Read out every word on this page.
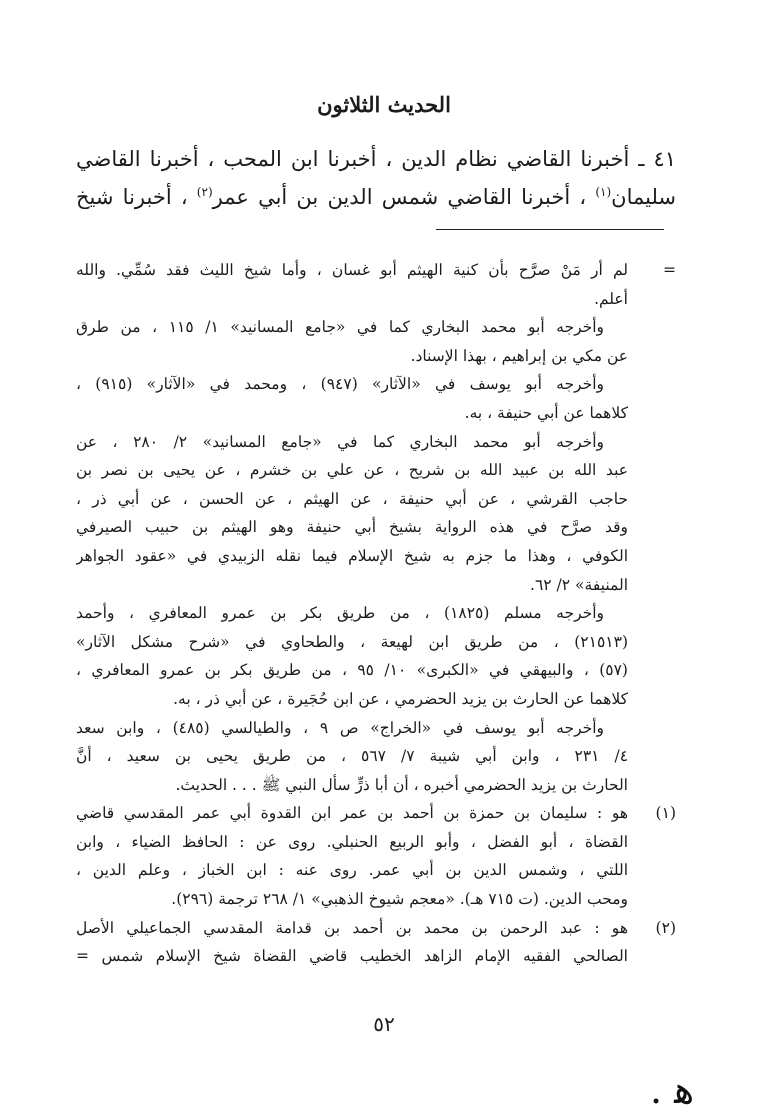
الحديث الثلاثون
٤١ ـ أخبرنا القاضي نظام الدين ، أخبرنا ابن المحب ، أخبرنا القاضي
سليمان$^{(١)}$ ، أخبرنا القاضي شمس الدين بن أبي عمر$^{(٢)}$ ، أخبرنا شيخ
=
لم أر مَنْ صرَّح بأن كنية الهيثم أبو غسان ، وأما شيخ الليث فقد سُمِّي. والله
أعلم.
وأخرجه أبو محمد البخاري كما في «جامع المسانيد» ١/ ١١٥ ، من طرق
عن مكي بن إبراهيم ، بهذا الإسناد.
وأخرجه أبو يوسف في «الآثار» (٩٤٧) ، ومحمد في «الآثار» (٩١٥) ،
كلاهما عن أبي حنيفة ، به.
وأخرجه أبو محمد البخاري كما في «جامع المسانيد» ٢/ ٢٨٠ ، عن
عبد الله بن عبيد الله بن شريح ، عن علي بن خشرم ، عن يحيى بن نصر بن
حاجب القرشي ، عن أبي حنيفة ، عن الهيثم ، عن الحسن ، عن أبي ذر ،
وقد صرَّح في هذه الرواية بشيخ أبي حنيفة وهو الهيثم بن حبيب الصيرفي
الكوفي ، وهذا ما جزم به شيخ الإسلام فيما نقله الزبيدي في «عقود الجواهر
المنيفة» ٢/ ٦٢.
وأخرجه مسلم (١٨٢٥) ، من طريق بكر بن عمرو المعافري ، وأحمد
(٢١٥١٣) ، من طريق ابن لهيعة ، والطحاوي في «شرح مشكل الآثار»
(٥٧) ، والبيهقي في «الكبرى» ١٠/ ٩٥ ، من طريق بكر بن عمرو المعافري ،
كلاهما عن الحارث بن يزيد الحضرمي ، عن ابن حُجَيرة ، عن أبي ذر ، به.
وأخرجه أبو يوسف في «الخراج» ص ٩ ، والطيالسي (٤٨٥) ، وابن سعد
٤/ ٢٣١ ، وابن أبي شيبة ٧/ ٥٦٧ ، من طريق يحيى بن سعيد ، أنَّ
الحارث بن يزيد الحضرمي أخبره ، أن أبا ذرٍّ سأل النبي ﷺ . . . الحديث.
(١)
هو : سليمان بن حمزة بن أحمد بن عمر ابن القدوة أبي عمر المقدسي قاضي
القضاة ، أبو الفضل ، وأبو الربيع الحنبلي. روى عن : الحافظ الضياء ، وابن
اللتي ، وشمس الدين بن أبي عمر. روى عنه : ابن الخباز ، وعلم الدين ،
ومحب الدين. (ت ٧١٥ هـ). «معجم شيوخ الذهبي» ١/ ٢٦٨ ترجمة (٢٩٦).
(٢)
هو : عبد الرحمن بن محمد بن أحمد بن قدامة المقدسي الجماعيلي الأصل
الصالحي الفقيه الإمام الزاهد الخطيب قاضي القضاة شيخ الإسلام شمس =
٥٢
ﻫ .
